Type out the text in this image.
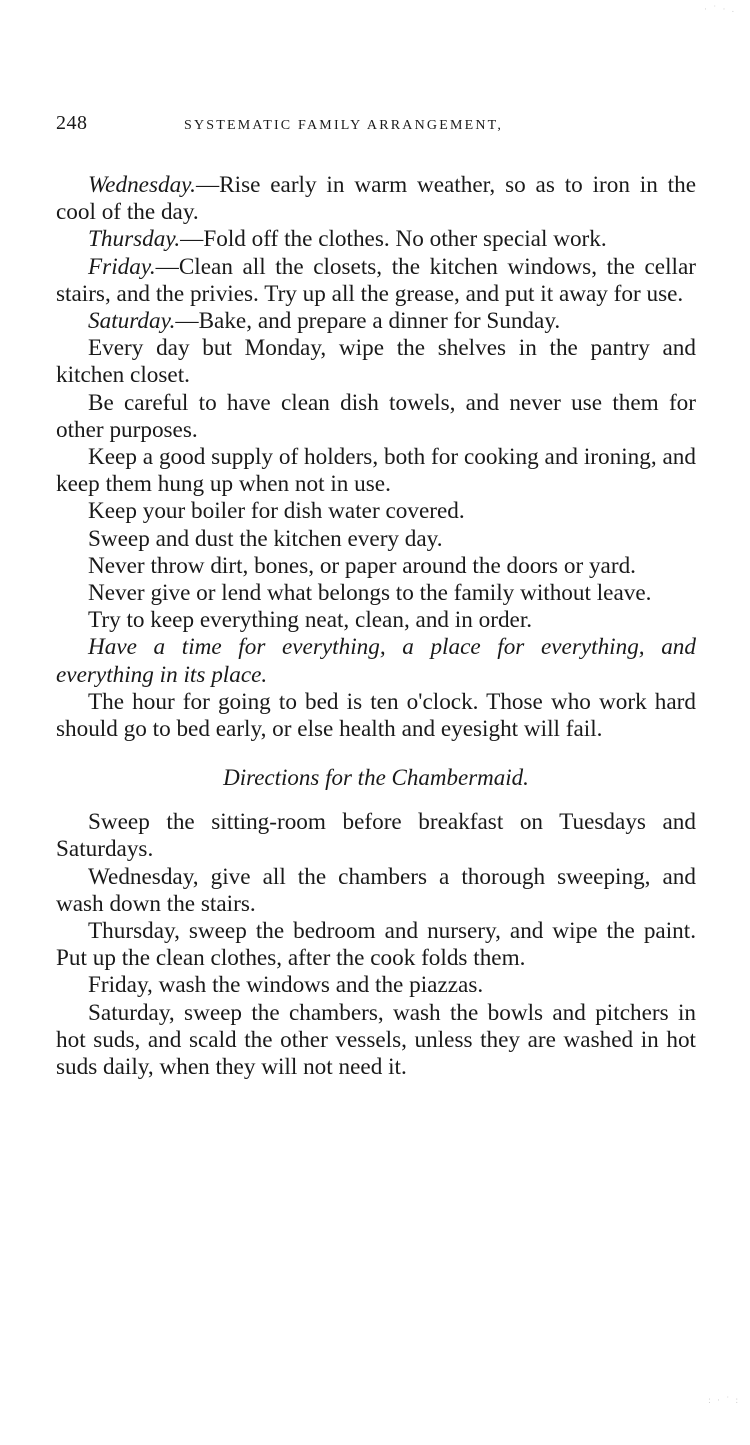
248	SYSTEMATIC FAMILY ARRANGEMENT,

Wednesday.—Rise early in warm weather, so as to iron in the cool of the day.

Thursday.—Fold off the clothes. No other special work.

Friday.—Clean all the closets, the kitchen windows, the cellar stairs, and the privies. Try up all the grease, and put it away for use.

Saturday.—Bake, and prepare a dinner for Sunday.

Every day but Monday, wipe the shelves in the pantry and kitchen closet.

Be careful to have clean dish towels, and never use them for other purposes.

Keep a good supply of holders, both for cooking and ironing, and keep them hung up when not in use.

Keep your boiler for dish water covered.

Sweep and dust the kitchen every day.

Never throw dirt, bones, or paper around the doors or yard.

Never give or lend what belongs to the family without leave.

Try to keep everything neat, clean, and in order.

Have a time for everything, a place for everything, and everything in its place.

The hour for going to bed is ten o'clock. Those who work hard should go to bed early, or else health and eyesight will fail.

Directions for the Chambermaid.

Sweep the sitting-room before breakfast on Tuesdays and Saturdays.

Wednesday, give all the chambers a thorough sweeping, and wash down the stairs.

Thursday, sweep the bedroom and nursery, and wipe the paint. Put up the clean clothes, after the cook folds them.

Friday, wash the windows and the piazzas.

Saturday, sweep the chambers, wash the bowls and pitchers in hot suds, and scald the other vessels, unless they are washed in hot suds daily, when they will not need it.

· ˙ · .
: · ˙ :
